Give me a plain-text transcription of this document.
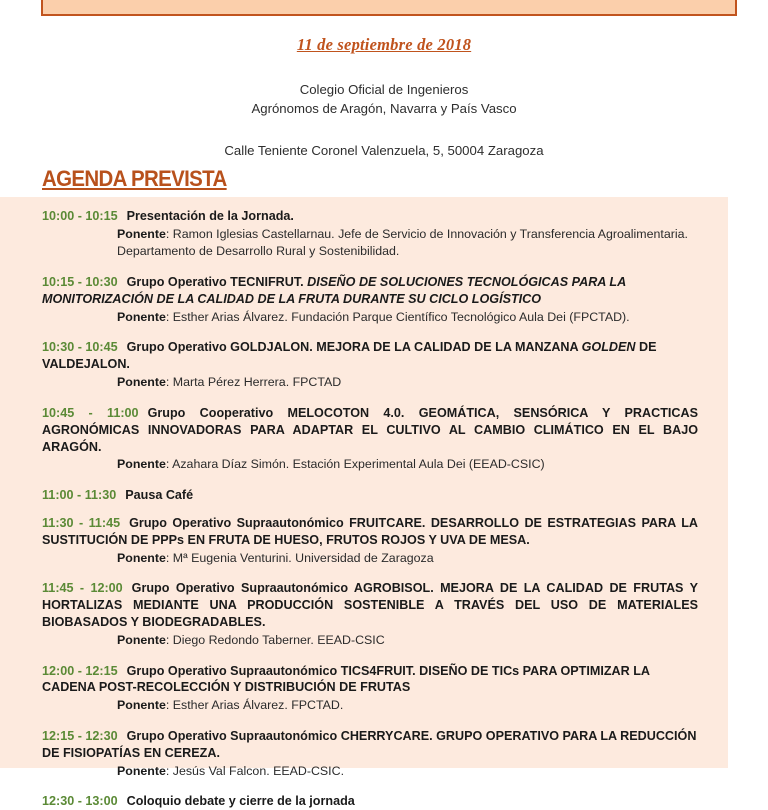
11 de septiembre de 2018
Colegio Oficial de Ingenieros
Agrónomos de Aragón, Navarra y País Vasco
Calle Teniente Coronel Valenzuela, 5, 50004 Zaragoza
AGENDA PREVISTA

10:00 - 10:15 Presentación de la Jornada.

Ponente: Ramon Iglesias Castellarnau. Jefe de Servicio de Innovación y Transferencia Agroalimentaria. Departamento de Desarrollo Rural y Sostenibilidad.

10:15 - 10:30 Grupo Operativo TECNIFRUT. DISEÑO DE SOLUCIONES TECNOLÓGICAS PARA LA MONITORIZACIÓN DE LA CALIDAD DE LA FRUTA DURANTE SU CICLO LOGÍSTICO

Ponente: Esther Arias Álvarez. Fundación Parque Científico Tecnológico Aula Dei (FPCTAD).

10:30 - 10:45 Grupo Operativo GOLDJALON. MEJORA DE LA CALIDAD DE LA MANZANA GOLDEN DE VALDEJALON.

Ponente: Marta Pérez Herrera. FPCTAD

10:45 - 11:00 Grupo Cooperativo MELOCOTON 4.0. GEOMÁTICA, SENSÓRICA Y PRACTICAS AGRONÓMICAS INNOVADORAS PARA ADAPTAR EL CULTIVO AL CAMBIO CLIMÁTICO EN EL BAJO ARAGÓN.

Ponente: Azahara Díaz Simón. Estación Experimental Aula Dei (EEAD-CSIC)

11:00 - 11:30 Pausa Café

11:30 - 11:45 Grupo Operativo Supraautonómico FRUITCARE. DESARROLLO DE ESTRATEGIAS PARA LA SUSTITUCIÓN DE PPPs EN FRUTA DE HUESO, FRUTOS ROJOS Y UVA DE MESA.

Ponente: Mª Eugenia Venturini. Universidad de Zaragoza

11:45 - 12:00 Grupo Operativo Supraautonómico AGROBISOL. MEJORA DE LA CALIDAD DE FRUTAS Y HORTALIZAS MEDIANTE UNA PRODUCCIÓN SOSTENIBLE A TRAVÉS DEL USO DE MATERIALES BIOBASADOS Y BIODEGRADABLES.

Ponente: Diego Redondo Taberner. EEAD-CSIC

12:00 - 12:15 Grupo Operativo Supraautonómico TICS4FRUIT. DISEÑO DE TICs PARA OPTIMIZAR LA CADENA POST-RECOLECCIÓN Y DISTRIBUCIÓN DE FRUTAS

Ponente: Esther Arias Álvarez. FPCTAD.

12:15 - 12:30 Grupo Operativo Supraautonómico CHERRYCARE. GRUPO OPERATIVO PARA LA REDUCCIÓN DE FISIOPATÍAS EN CEREZA.

Ponente: Jesús Val Falcon. EEAD-CSIC.

12:30 - 13:00 Coloquio debate y cierre de la jornada
